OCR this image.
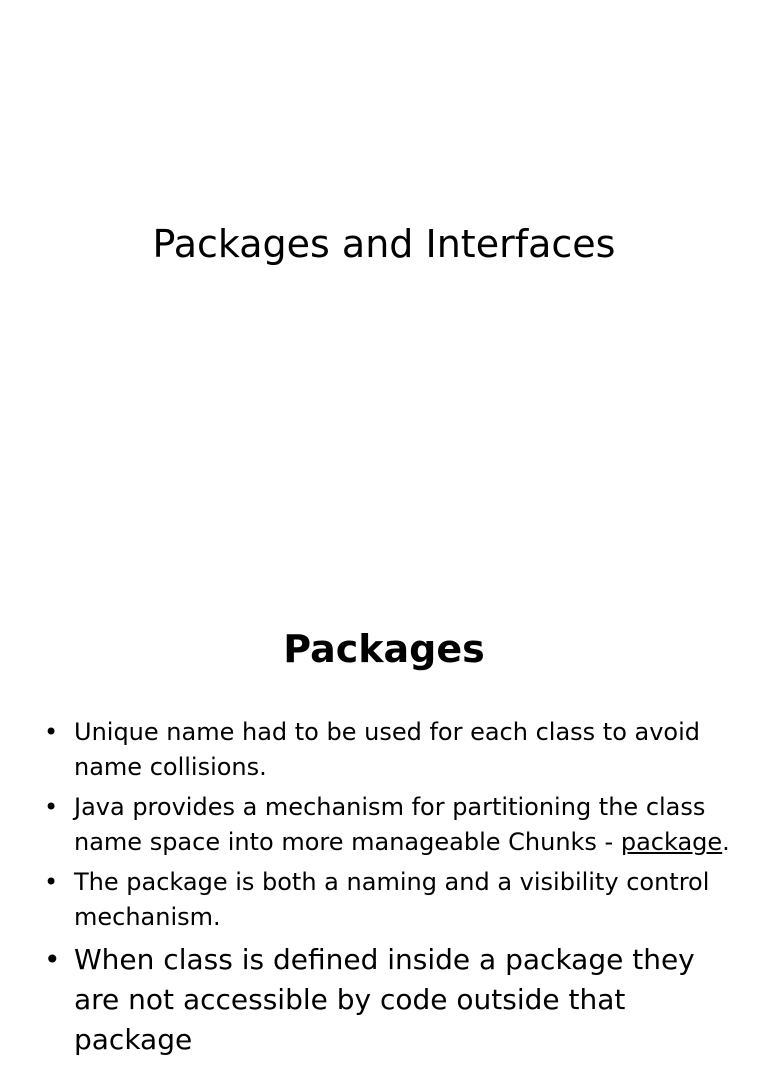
Packages and Interfaces
Packages
• Unique name had to be used for each class to avoid name collisions.
• Java provides a mechanism for partitioning the class name space into more manageable Chunks - package.
• The package is both a naming and a visibility control mechanism.
• When class is defined inside a package they are not accessible by code outside that package
